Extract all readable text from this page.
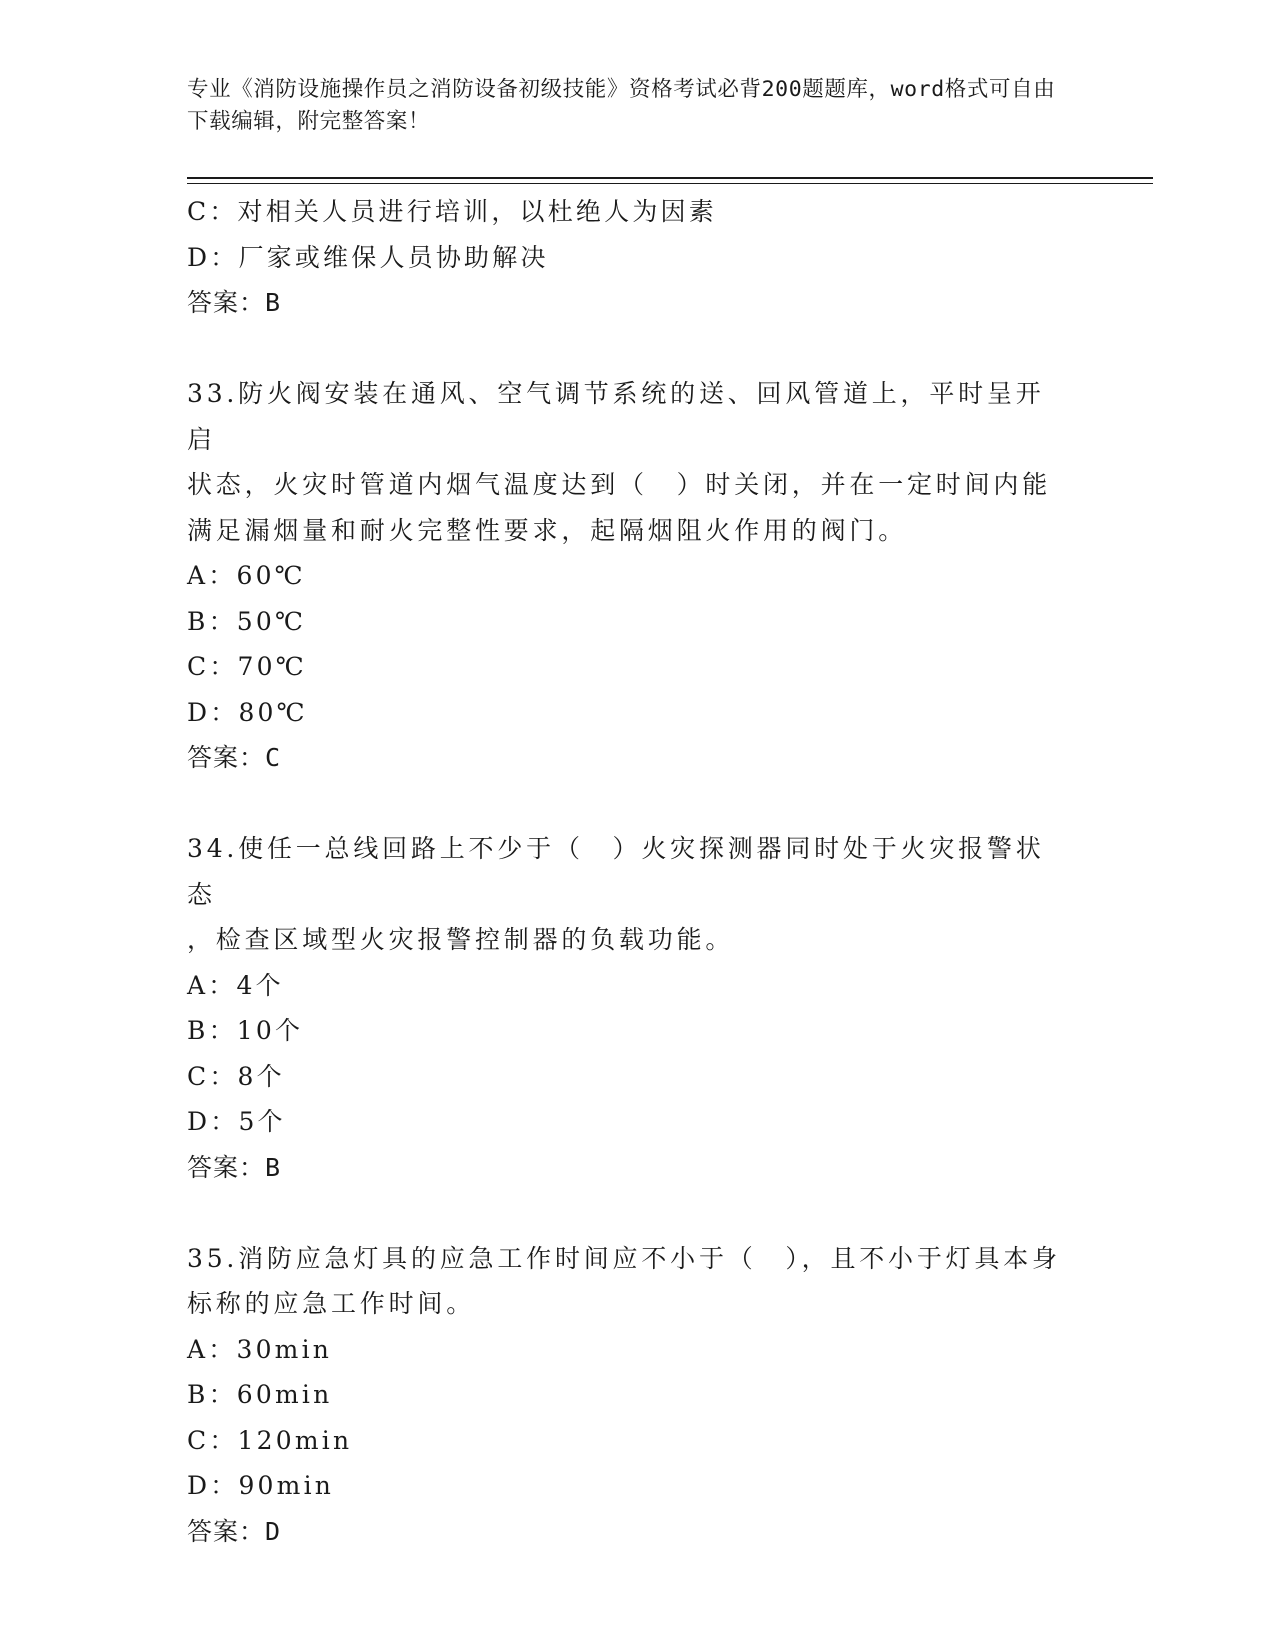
专业《消防设施操作员之消防设备初级技能》资格考试必背200题题库，word格式可自由下载编辑，附完整答案！
C：对相关人员进行培训，以杜绝人为因素
D：厂家或维保人员协助解决
答案：B
33.防火阀安装在通风、空气调节系统的送、回风管道上，平时呈开启
状态，火灾时管道内烟气温度达到（　）时关闭，并在一定时间内能
满足漏烟量和耐火完整性要求，起隔烟阻火作用的阀门。
A：60℃
B：50℃
C：70℃
D：80℃
答案：C
34.使任一总线回路上不少于（　）火灾探测器同时处于火灾报警状态
，检查区域型火灾报警控制器的负载功能。
A：4个
B：10个
C：8个
D：5个
答案：B
35.消防应急灯具的应急工作时间应不小于（　），且不小于灯具本身
标称的应急工作时间。
A：30min
B：60min
C：120min
D：90min
答案：D
